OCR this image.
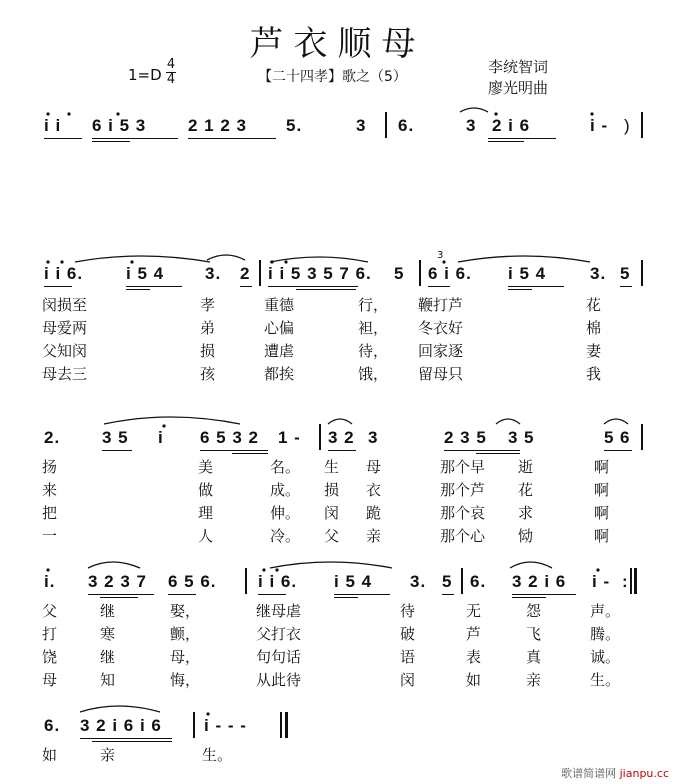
芦衣顺母
$1=D \frac{4}{4}$	【二十四孝】歌之（5）
李统智词
廖光明曲
i i 6 i 5 3 2 1 2 3 5.	3 6.	3 2 i 6	i - )
i i 6.	i 5 4 3. 2 i i 5 3 5 7 6. 5
3
6 i 6. i 5 4	3. 5
闵损至	孝	重德	行， 鞭打芦	花
母爱两	弟	心偏	袒， 冬衣好	棉
父知闵	损	遭虐	待， 回家逐	妻
母去三	孩	都挨	饿， 留母只	我
2. 3 5 i 6 5 3 2 1 - 3 2 3	2 3 5 3 5	5 6
扬	美	名。 生 母	那个早 逝	啊
来	做	成。 损 衣	那个芦 花	啊
把	理	伸。 闵 跪	那个哀 求	啊
一	人	冷。 父 亲	那个心 恸	啊
i. 3 2 3 7 6 5 6. i i 6. i 5 4 3. 5 6. 3 2 i 6 i - :
父	继	娶，	继母虐	待	无	怨	声。
打	寒	颤，	父打衣	破	芦	飞	腾。
饶	继	母，	句句话	语	表	真	诚。
母	知	悔，	从此待	闵	如	亲	生。
6. 3 2 i 6 i 6 i - - -
如	亲	生。
歌谱简谱网 jianpu.cc
